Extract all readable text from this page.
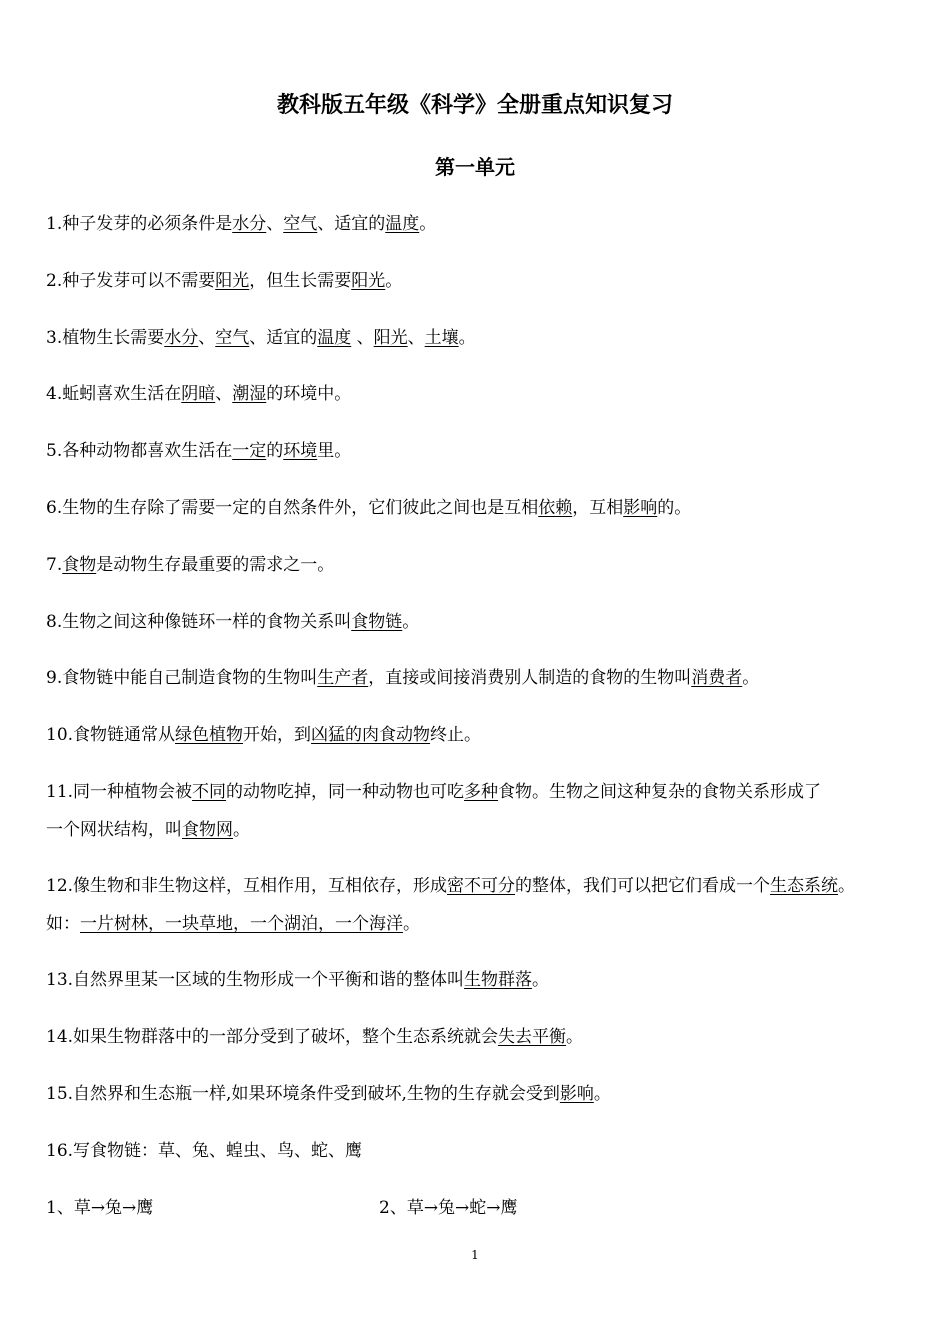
教科版五年级《科学》全册重点知识复习
第一单元
1.种子发芽的必须条件是水分、空气、适宜的温度。
2.种子发芽可以不需要阳光，但生长需要阳光。
3.植物生长需要水分、空气、适宜的温度 、阳光、土壤。
4.蚯蚓喜欢生活在阴暗、潮湿的环境中。
5.各种动物都喜欢生活在一定的环境里。
6.生物的生存除了需要一定的自然条件外，它们彼此之间也是互相依赖，互相影响的。
7.食物是动物生存最重要的需求之一。
8.生物之间这种像链环一样的食物关系叫食物链。
9.食物链中能自己制造食物的生物叫生产者，直接或间接消费别人制造的食物的生物叫消费者。
10.食物链通常从绿色植物开始，到凶猛的肉食动物终止。
11.同一种植物会被不同的动物吃掉，同一种动物也可吃多种食物。生物之间这种复杂的食物关系形成了
一个网状结构，叫食物网。
12.像生物和非生物这样，互相作用，互相依存，形成密不可分的整体，我们可以把它们看成一个生态系统。
如：一片树林，一块草地，一个湖泊，一个海洋。
13.自然界里某一区域的生物形成一个平衡和谐的整体叫生物群落。
14.如果生物群落中的一部分受到了破坏，整个生态系统就会失去平衡。
15.自然界和生态瓶一样,如果环境条件受到破坏,生物的生存就会受到影响。
16.写食物链：草、兔、蝗虫、鸟、蛇、鹰
1、草→兔→鹰	2、草→兔→蛇→鹰
1
